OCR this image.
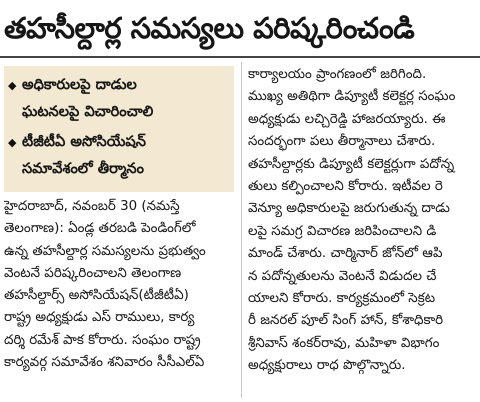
తహసీల్దార్ల సమస్యలు పరిష్కరించండి
◆ అధికారులపై దాడుల
ఘటనలపై విచారించాలి
◆ టీజీటీఏ అసోసియేషన్
సమావేశంలో తీర్మానం
హైదరాబాద్, నవంబర్ 30 (నమస్తే
తెలంగాణ): ఏండ్ల తరబడి పెండింగ్‌లో
ఉన్న తహసీల్దార్ల సమస్యలను ప్రభుత్వం
వెంటనే పరిష్కరించాలని తెలంగాణ
తహసీల్దార్స్ అసోసియేషన్(టీజీటీఏ)
రాష్ట్ర అధ్యక్షుడు ఎస్ రాములు, కార్య
దర్శి రమేశ్ పాక కోరారు. సంఘం రాష్ట్ర
కార్యవర్గ సమావేశం శనివారం సీసీఎల్‌ఏ
కార్యాలయం ప్రాంగణంలో జరిగింది.
ముఖ్య అతిథిగా డిప్యూటీ కలెక్టర్ల సంఘం
అధ్యక్షుడు లచ్చిరెడ్డి హాజరయ్యారు. ఈ
సందర్భంగా పలు తీర్మానాలు చేశారు.
తహసీల్దార్లకు డిప్యూటీ కలెక్టర్లుగా పదోన్న
తులు కల్పించాలని కోరారు. ఇటీవల రె
వెన్యూ అధికారులపై జరుగుతున్న దాడు
లపై సమగ్ర విచారణ జరిపించాలని డి
మాండ్ చేశారు. చార్మినార్ జోన్‌లో ఆపి
న పదోన్నతులను వెంటనే విడుదల చే
యాలని కోరారు. కార్యక్రమంలో సెక్రట
రీ జనరల్ పూల్ సింగ్ హాన్, కోశాధికారి
శ్రీనివాస్ శంకర్‌రావు, మహిళా విభాగం
అధ్యక్షురాలు రాధ పొల్గొన్నారు.
